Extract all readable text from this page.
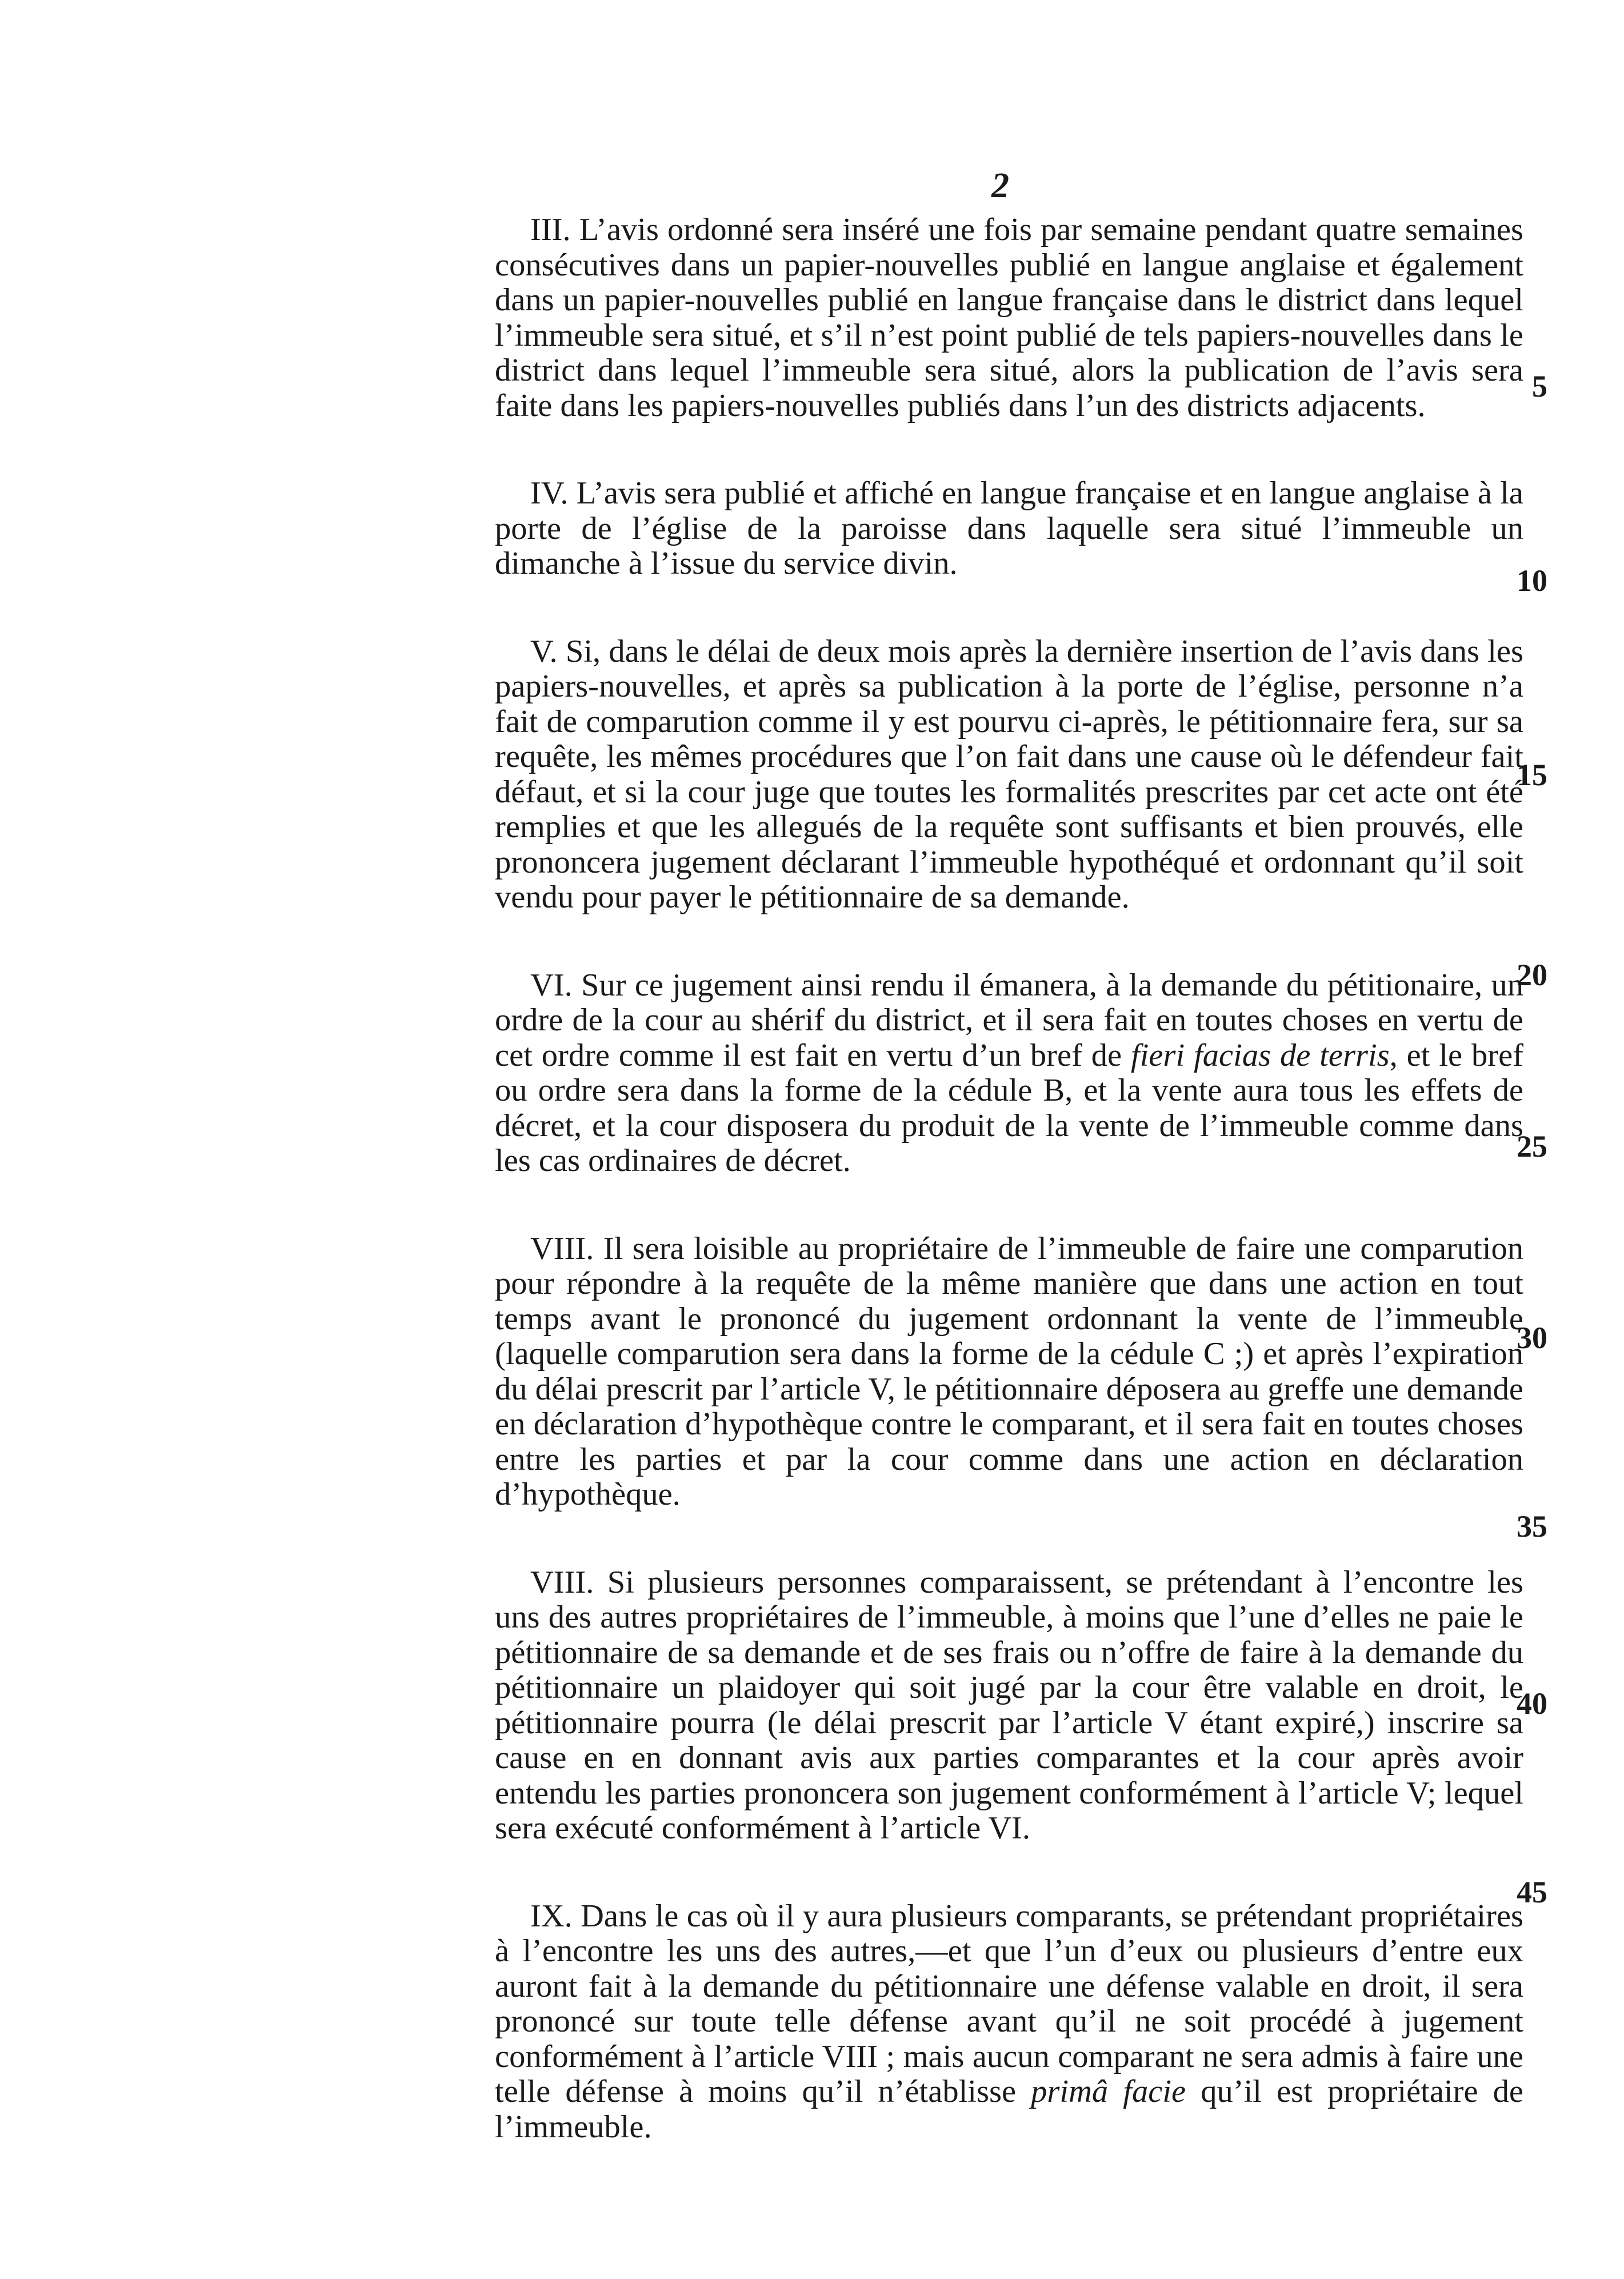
2

III. L’avis ordonné sera inséré une fois par semaine pendant quatre semaines consécutives dans un papier-nouvelles publié en langue anglaise et également dans un papier-nouvelles publié en langue française dans le district dans lequel l’immeuble sera situé, et s’il n’est point publié de tels papiers-nouvelles dans le district dans lequel l’immeuble sera situé, alors la publication de l’avis sera faite dans les papiers-nouvelles publiés dans l’un des districts adjacents.

IV. L’avis sera publié et affiché en langue française et en langue anglaise à la porte de l’église de la paroisse dans laquelle sera situé l’immeuble un dimanche à l’issue du service divin.

V. Si, dans le délai de deux mois après la dernière insertion de l’avis dans les papiers-nouvelles, et après sa publication à la porte de l’église, personne n’a fait de comparution comme il y est pourvu ci-après, le pétitionnaire fera, sur sa requête, les mêmes procédures que l’on fait dans une cause où le défendeur fait défaut, et si la cour juge que toutes les formalités prescrites par cet acte ont été remplies et que les allegués de la requête sont suffisants et bien prouvés, elle prononcera jugement déclarant l’immeuble hypothéqué et ordonnant qu’il soit vendu pour payer le pétitionnaire de sa demande.

VI. Sur ce jugement ainsi rendu il émanera, à la demande du pétitionaire, un ordre de la cour au shérif du district, et il sera fait en toutes choses en vertu de cet ordre comme il est fait en vertu d’un bref de fieri facias de terris, et le bref ou ordre sera dans la forme de la cédule B, et la vente aura tous les effets de décret, et la cour disposera du produit de la vente de l’immeuble comme dans les cas ordinaires de décret.

VIII. Il sera loisible au propriétaire de l’immeuble de faire une comparution pour répondre à la requête de la même manière que dans une action en tout temps avant le prononcé du jugement ordonnant la vente de l’immeuble (laquelle comparution sera dans la forme de la cédule C ;) et après l’expiration du délai prescrit par l’article V, le pétitionnaire déposera au greffe une demande en déclaration d’hypothèque contre le comparant, et il sera fait en toutes choses entre les parties et par la cour comme dans une action en déclaration d’hypothèque.

VIII. Si plusieurs personnes comparaissent, se prétendant à l’encontre les uns des autres propriétaires de l’immeuble, à moins que l’une d’elles ne paie le pétitionnaire de sa demande et de ses frais ou n’offre de faire à la demande du pétitionnaire un plaidoyer qui soit jugé par la cour être valable en droit, le pétitionnaire pourra (le délai prescrit par l’article V étant expiré,) inscrire sa cause en en donnant avis aux parties comparantes et la cour après avoir entendu les parties prononcera son jugement conformément à l’article V; lequel sera exécuté conformément à l’article VI.

IX. Dans le cas où il y aura plusieurs comparants, se prétendant propriétaires à l’encontre les uns des autres,—et que l’un d’eux ou plusieurs d’entre eux auront fait à la demande du pétitionnaire une défense valable en droit, il sera prononcé sur toute telle défense avant qu’il ne soit procédé à jugement conformément à l’article VIII ; mais aucun comparant ne sera admis à faire une telle défense à moins qu’il n’établisse primâ facie qu’il est propriétaire de l’immeuble.

5
10
15
20
25
30
35
40
45
